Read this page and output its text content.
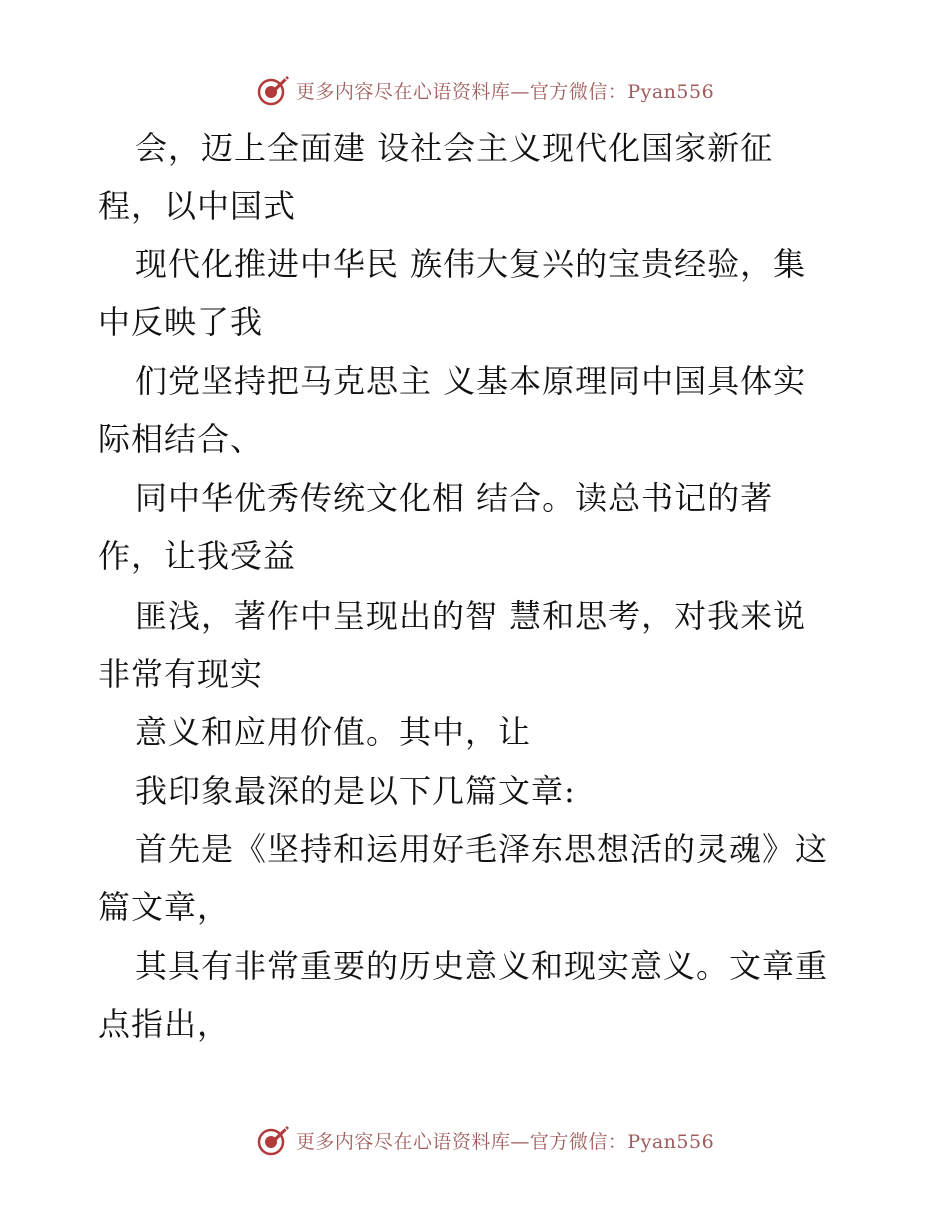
更多内容尽在心语资料库—官方微信：Pyan556
会，迈上全面建 设社会主义现代化国家新征
程，以中国式
现代化推进中华民 族伟大复兴的宝贵经验，集
中反映了我
们党坚持把马克思主 义基本原理同中国具体实
际相结合、
同中华优秀传统文化相 结合。读总书记的著
作，让我受益
匪浅，著作中呈现出的智 慧和思考，对我来说
非常有现实
意义和应用价值。其中，让
我印象最深的是以下几篇文章:
首先是《坚持和运用好毛泽东思想活的灵魂》这
篇文章，
其具有非常重要的历史意义和现实意义。文章重
点指出，
更多内容尽在心语资料库—官方微信：Pyan556
